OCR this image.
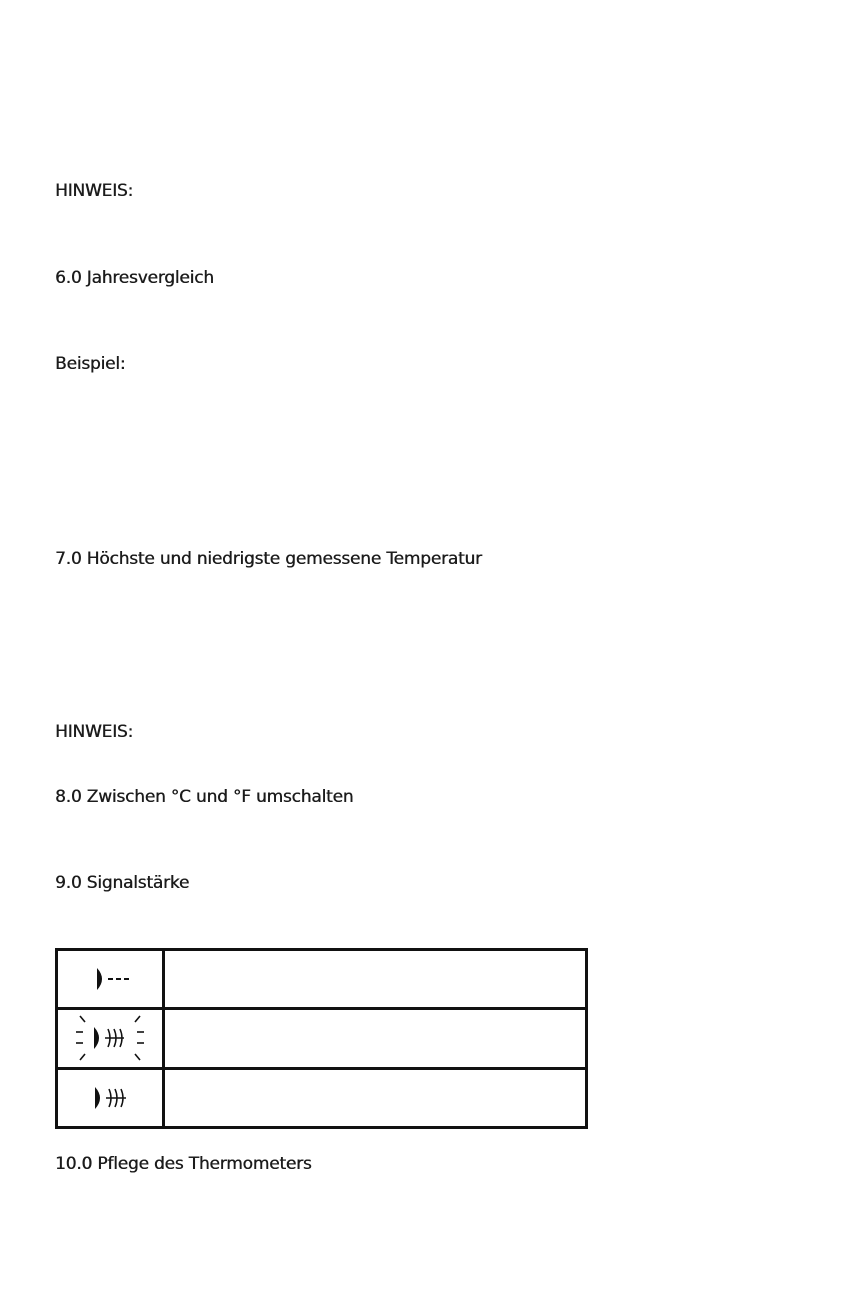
HINWEIS:
6.0 Jahresvergleich
Beispiel:
7.0 Höchste und niedrigste gemessene Temperatur
HINWEIS:
8.0 Zwischen °C und °F umschalten
9.0 Signalstärke

10.0 Pflege des Thermometers
